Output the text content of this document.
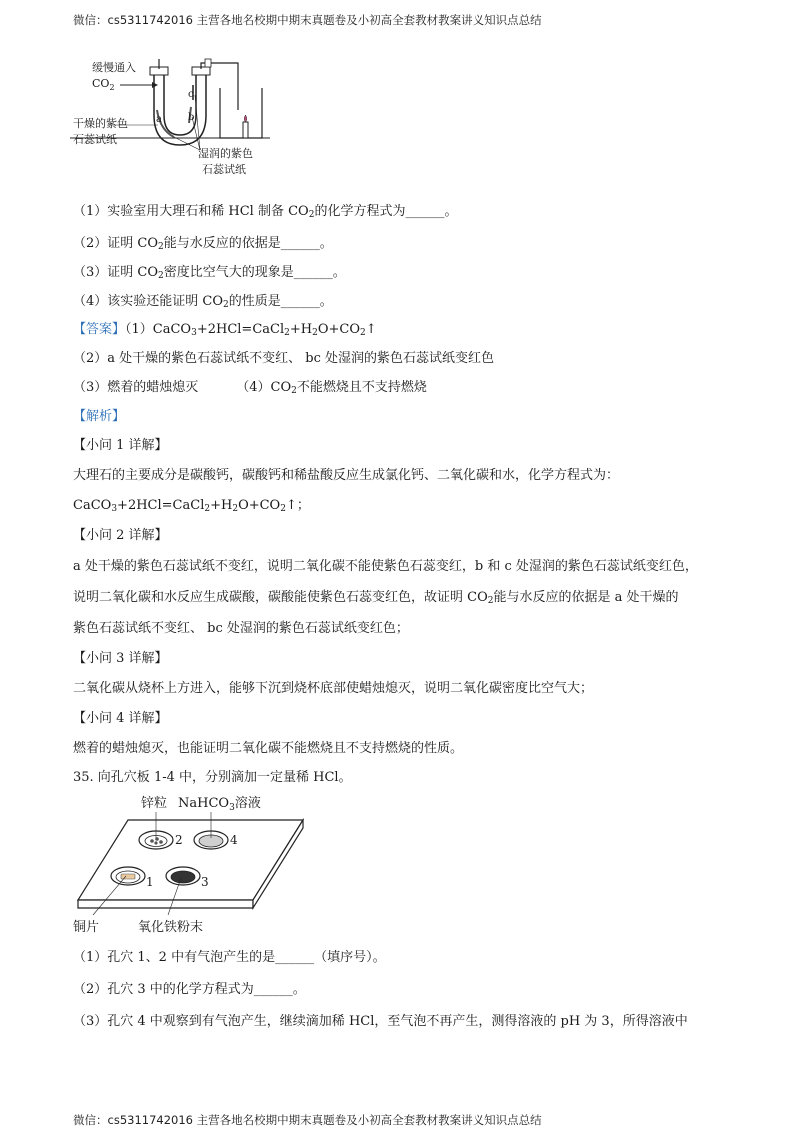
微信：cs5311742016 主营各地名校期中期末真题卷及小初高全套教材教案讲义知识点总结
缓慢通入
$CO_2$
干燥的紫色
石蕊试纸
湿润的紫色
石蕊试纸
a	b
c
（1）实验室用大理石和稀 HCl 制备 $CO_2$的化学方程式为______。
（2）证明 $CO_2$能与水反应的依据是______。
（3）证明 $CO_2$密度比空气大的现象是______。
（4）该实验还能证明 $CO_2$的性质是______。
【答案】$(1)CaCO_3+2HCl=CaCl_2+H_2O+CO_2↑$
（2）a 处干燥的紫色石蕊试纸不变红、 bc 处湿润的紫色石蕊试纸变红色
（3）燃着的蜡烛熄灭	$(4)CO_2$不能燃烧且不支持燃烧
【解析】
【小问 1 详解】
大理石的主要成分是碳酸钙，碳酸钙和稀盐酸反应生成氯化钙、二氧化碳和水，化学方程式为：
$CaCO_3+2HCl=CaCl_2+H_2O+CO_2↑$；
【小问 2 详解】
a 处干燥的紫色石蕊试纸不变红，说明二氧化碳不能使紫色石蕊变红，b 和 c 处湿润的紫色石蕊试纸变红色，
说明二氧化碳和水反应生成碳酸，碳酸能使紫色石蕊变红色，故证明 $CO_2$能与水反应的依据是 a 处干燥的
紫色石蕊试纸不变红、 bc 处湿润的紫色石蕊试纸变红色；
【小问 3 详解】
二氧化碳从烧杯上方进入，能够下沉到烧杯底部使蜡烛熄灭，说明二氧化碳密度比空气大；
【小问 4 详解】
燃着的蜡烛熄灭，也能证明二氧化碳不能燃烧且不支持燃烧的性质。
35. 向孔穴板 1-4 中，分别滴加一定量稀 HCl。
锌粒 NaHCO$_3$溶液
铜片	氧化铁粉末
1
2
3
4
（1）孔穴 1、2 中有气泡产生的是______（填序号）。
（2）孔穴 3 中的化学方程式为______。
（3）孔穴 4 中观察到有气泡产生，继续滴加稀 HCl，至气泡不再产生，测得溶液的 pH 为 3，所得溶液中
微信：cs5311742016 主营各地名校期中期末真题卷及小初高全套教材教案讲义知识点总结
